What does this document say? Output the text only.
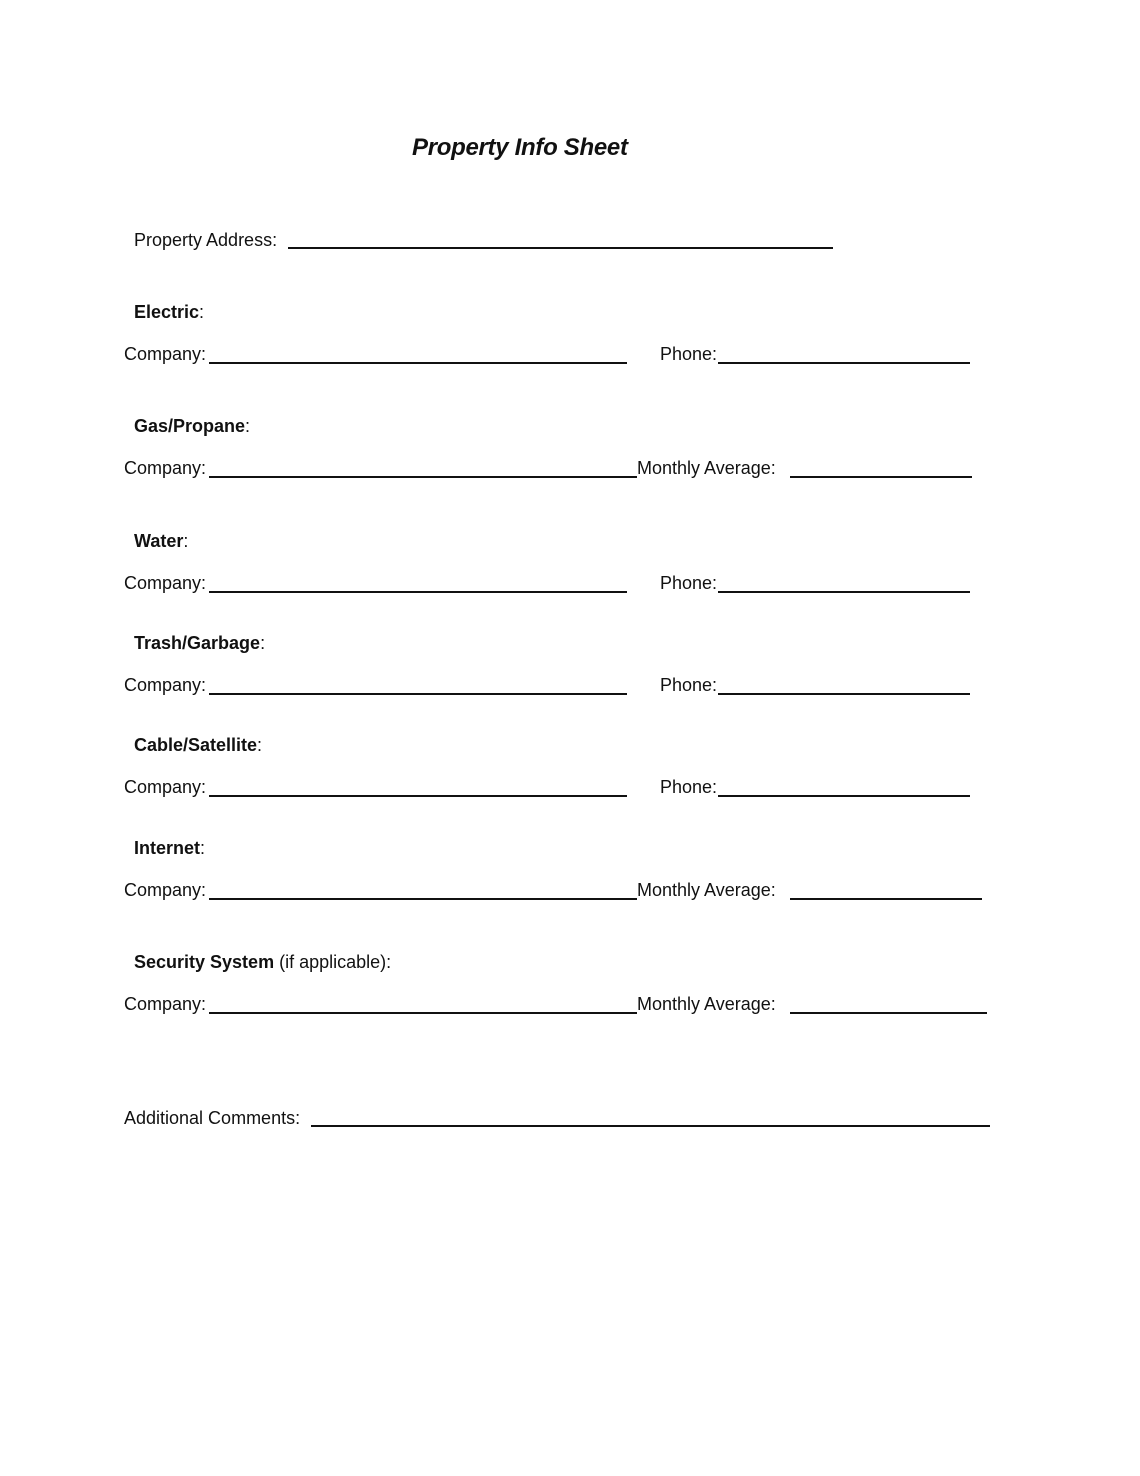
Property Info Sheet
Property Address:
Electric:
Company:	Phone:
Gas/Propane:
Company:	Monthly Average:
Water:
Company:	Phone:
Trash/Garbage:
Company:	Phone:
Cable/Satellite:
Company:	Phone:
Internet:
Company:	Monthly Average:
Security System (if applicable):
Company:	Monthly Average:
Additional Comments:
